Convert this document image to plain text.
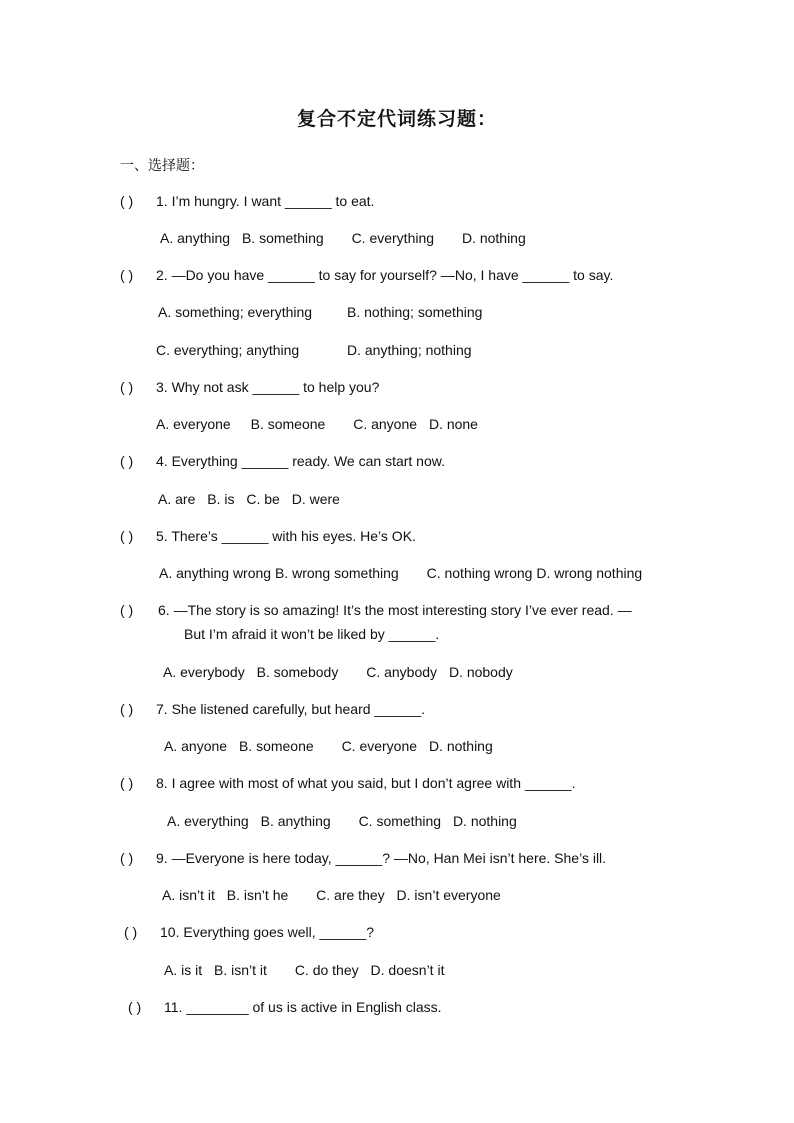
复合不定代词练习题：
一、选择题：
( ) 1. I’m hungry. I want ______ to eat.
A. anything B. something C. everything D. nothing
( ) 2. —Do you have ______ to say for yourself? —No, I have ______ to say.
A. something; everything B. nothing; something
C. everything; anything	D. anything; nothing
( ) 3. Why not ask ______ to help you?
A. everyone B. someone C. anyone D. none
( ) 4. Everything ______ ready. We can start now.
A. are B. is C. be D. were
( ) 5. There’s ______ with his eyes. He’s OK.
A. anything wrong B. wrong something C. nothing wrong D. wrong nothing
( ) 6. —The story is so amazing! It’s the most interesting story I’ve ever read. —
But I’m afraid it won’t be liked by ______.
A. everybody B. somebody C. anybody D. nobody
( ) 7. She listened carefully, but heard ______.
A. anyone B. someone C. everyone D. nothing
( ) 8. I agree with most of what you said, but I don’t agree with ______.
A. everything B. anything C. something D. nothing
( ) 9. —Everyone is here today, ______? —No, Han Mei isn’t here. She’s ill.
A. isn’t it B. isn’t he C. are they D. isn’t everyone
( ) 10. Everything goes well, ______?
A. is it B. isn’t it C. do they D. doesn’t it
( ) 11. ________ of us is active in English class.
